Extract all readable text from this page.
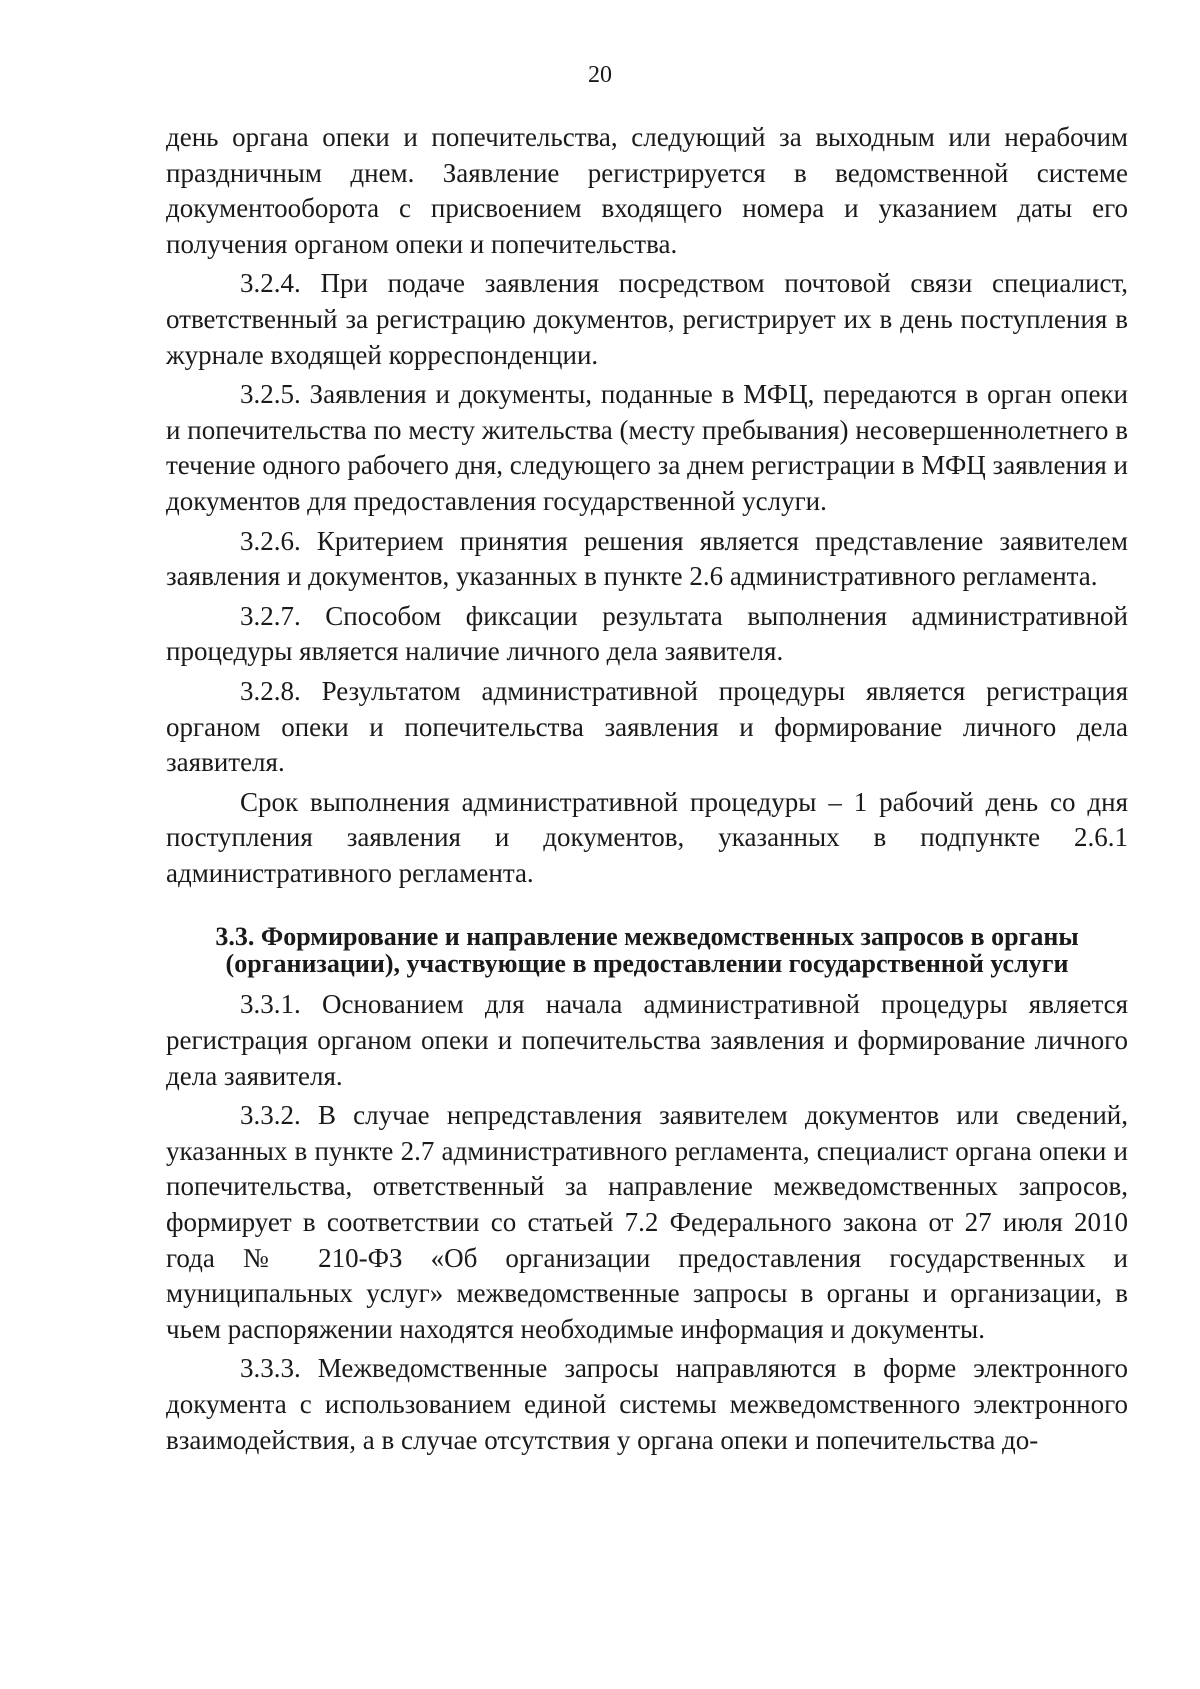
20

день органа опеки и попечительства, следующий за выходным или нерабочим праздничным днем. Заявление регистрируется в ведомственной системе документооборота с присвоением входящего номера и указанием даты его получения органом опеки и попечительства.

3.2.4. При подаче заявления посредством почтовой связи специалист, ответственный за регистрацию документов, регистрирует их в день поступления в журнале входящей корреспонденции.

3.2.5. Заявления и документы, поданные в МФЦ, передаются в орган опеки и попечительства по месту жительства (месту пребывания) несовершеннолетнего в течение одного рабочего дня, следующего за днем регистрации в МФЦ заявления и документов для предоставления государственной услуги.

3.2.6. Критерием принятия решения является представление заявителем заявления и документов, указанных в пункте 2.6 административного регламента.

3.2.7. Способом фиксации результата выполнения административной процедуры является наличие личного дела заявителя.

3.2.8. Результатом административной процедуры является регистрация органом опеки и попечительства заявления и формирование личного дела заявителя.

Срок выполнения административной процедуры – 1 рабочий день со дня поступления заявления и документов, указанных в подпункте 2.6.1 административного регламента.

3.3. Формирование и направление межведомственных запросов в органы (организации), участвующие в предоставлении государственной услуги

3.3.1. Основанием для начала административной процедуры является регистрация органом опеки и попечительства заявления и формирование личного дела заявителя.

3.3.2. В случае непредставления заявителем документов или сведений, указанных в пункте 2.7 административного регламента, специалист органа опеки и попечительства, ответственный за направление межведомственных запросов, формирует в соответствии со статьей 7.2 Федерального закона от 27 июля 2010 года № 210-ФЗ «Об организации предоставления государственных и муниципальных услуг» межведомственные запросы в органы и организации, в чьем распоряжении находятся необходимые информация и документы.

3.3.3. Межведомственные запросы направляются в форме электронного документа с использованием единой системы межведомственного электронного взаимодействия, а в случае отсутствия у органа опеки и попечительства до-
